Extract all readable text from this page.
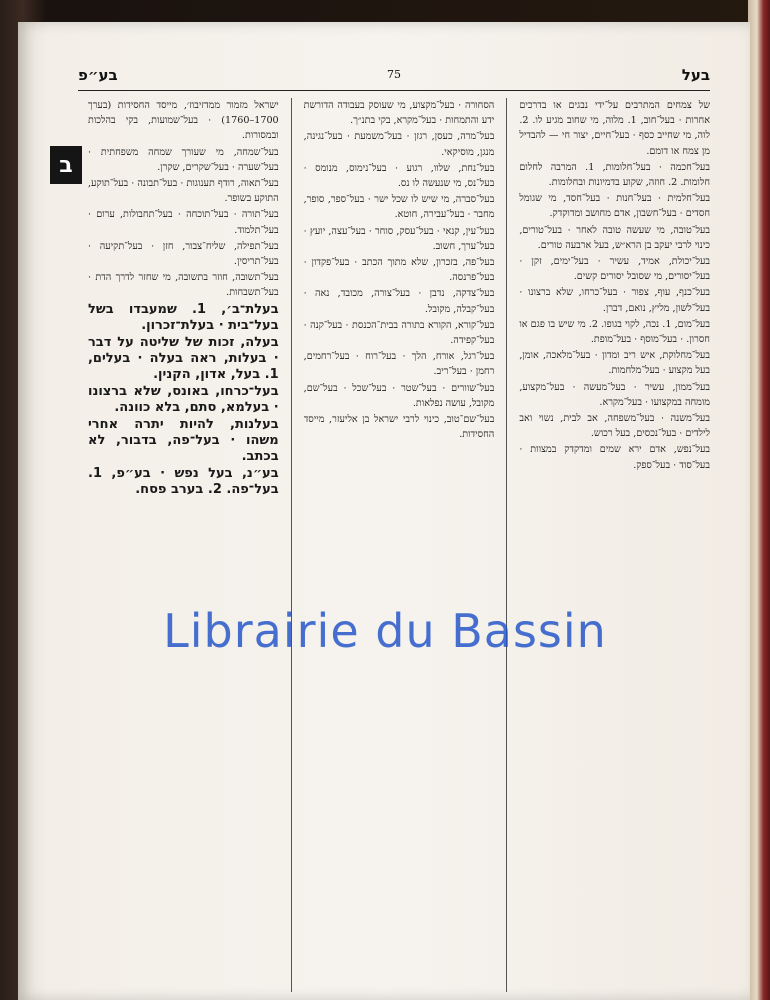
בעל
75
בע״פ
ב

של צמחים המתרבים על־ידי נבגים או בדרכים אחרות · בעל־חוב, 1. מלוה, מי שחוב מגיע לו. 2. לוה, מי שחייב כסף · בעל־חיים, יצור חי — להבדיל מן צמח או דומם.

בעל־חכמה · בעל־חלומות, 1. המרבה לחלום חלומות. 2. חוזה, שקוע בדמיונות ובחלומות.

בעל־חלמית · בעל־חנות · בעל־חסד, מי שגומל חסדים · בעל־חשבון, אדם מחושב ומדוקדק.

בעל־טובה, מי שעשה טובה לאחר · בעל־טורים, כינוי לרבי יעקב בן הרא״ש, בעל ארבעה טורים.

בעל־יכולת, אמיד, עשיר · בעל־ימים, זקן · בעל־יסורים, מי שסובל יסורים קשים.

בעל־כנף, עוף, צפור · בעל־כרחו, שלא ברצונו · בעל־לשון, מליץ, נואם, דברן.

בעל־מום, 1. נכה, לקוי בגופו. 2. מי שיש בו פגם או חסרון. · בעל־מוסף · בעל־מופת.

בעל־מחלוקת, איש ריב ומדון · בעל־מלאכה, אומן, בעל מקצוע · בעל־מלחמות.

בעל־ממון, עשיר · בעל־מעשה · בעל־מקצוע, מומחה במקצועו · בעל־מקרא.

בעל־משנה · בעל־משפחה, אב לבית, נשוי ואב לילדים · בעל־נכסים, בעל רכוש.

בעל־נפש, אדם ירא שמים ומדקדק במצוות · בעל־סוד · בעל־ספק.

הסחורה · בעל־מקצוע, מי שעוסק בעבודה הדורשת ידע והתמחות · בעל־מקרא, בקי בתנ״ך.

בעל־מרה, כעסן, רגזן · בעל־משמעת · בעל־נגינה, מנגן, מוסיקאי.

בעל־נחת, שלוו, רגוע · בעל־נימוס, מנומס · בעל־נס, מי שנעשה לו נס.

בעל־סברה, מי שיש לו שכל ישר · בעל־ספר, סופר, מחבר · בעל־עבירה, חוטא.

בעל־עין, קנאי · בעל־עסק, סוחר · בעל־עצה, יועץ · בעל־ערך, חשוב.

בעל־פה, בזכרון, שלא מתוך הכתב · בעל־פקדון · בעל־פרנסה.

בעל־צדקה, נדבן · בעל־צורה, מכובד, נאה · בעל־קבלה, מקובל.

בעל־קורא, הקורא בתורה בבית־הכנסת · בעל־קנה · בעל־קפידה.

בעל־רגל, אורח, הלך · בעל־רוח · בעל־רחמים, רחמן · בעל־ריב.

בעל־שוורים · בעל־שטר · בעל־שכל · בעל־שם, מקובל, עושה נפלאות.

בעל־שם־טוב, כינוי לרבי ישראל בן אליעזר, מייסד החסידות.

ישראל מזמור ממדזיבוז׳, מייסד החסידות (בערך 1700–1760) · בעל־שמועות, בקי בהלכות ובמסורות.

בעל־שמחה, מי שעורך שמחה משפחתית · בעל־שערה · בעל־שקרים, שקרן.

בעל־תאוה, רודף תענוגות · בעל־תבונה · בעל־תוקע, התוקע בשופר.

בעל־תורה · בעל־תוכחה · בעל־תחבולות, ערום · בעל־תלמוד.

בעל־תפילה, שליח־צבור, חזן · בעל־תקיעה · בעל־תריסין.

בעל־תשובה, חוזר בתשובה, מי שחזר לדרך הדת · בעל־תשבחות.

בעלת־ב׳, 1. שמעבדו בשל בעל־בית · בעלת־זכרון.

בעלה, זכות של שליטה על דבר · בעלות, ראה בעלה · בעלים, 1. בעל, אדון, הקנין.

בעל־כרחו, באונס, שלא ברצונו · בעלמא, סתם, בלא כוונה.

בעלנות, להיות יתרה אחרי משהו · בעל־פה, בדבור, לא בכתב.

בע״נ, בעל נפש · בע״פ, 1. בעל־פה. 2. בערב פסח.

Librairie du Bassin
